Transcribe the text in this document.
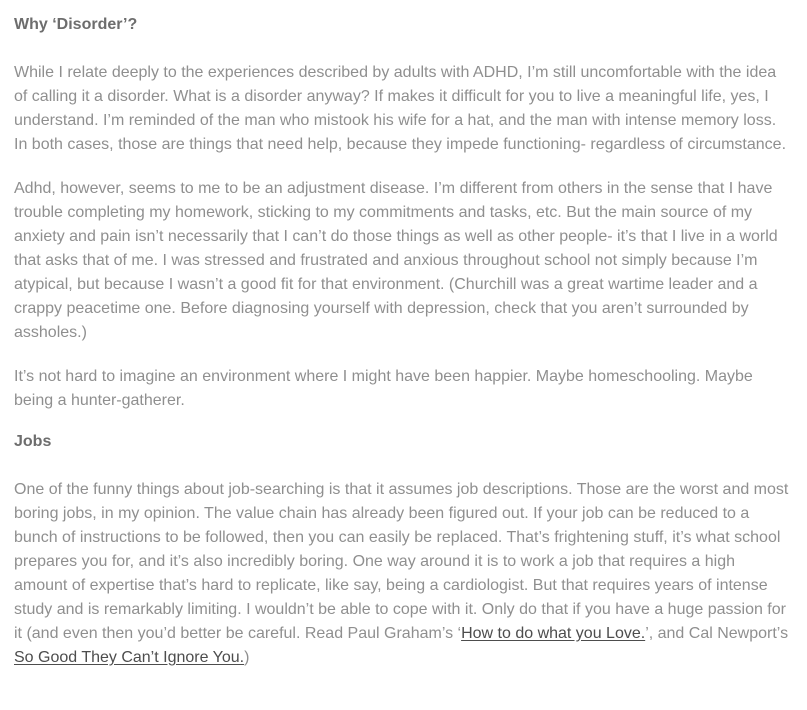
Why ‘Disorder’?

While I relate deeply to the experiences described by adults with ADHD, I’m still uncomfortable with the idea of calling it a disorder. What is a disorder anyway? If makes it difficult for you to live a meaningful life, yes, I understand. I’m reminded of the man who mistook his wife for a hat, and the man with intense memory loss. In both cases, those are things that need help, because they impede functioning- regardless of circumstance.

Adhd, however, seems to me to be an adjustment disease. I’m different from others in the sense that I have trouble completing my homework, sticking to my commitments and tasks, etc. But the main source of my anxiety and pain isn’t necessarily that I can’t do those things as well as other people- it’s that I live in a world that asks that of me. I was stressed and frustrated and anxious throughout school not simply because I’m atypical, but because I wasn’t a good fit for that environment. (Churchill was a great wartime leader and a crappy peacetime one. Before diagnosing yourself with depression, check that you aren’t surrounded by assholes.)

It’s not hard to imagine an environment where I might have been happier. Maybe homeschooling. Maybe being a hunter-gatherer.

Jobs

One of the funny things about job-searching is that it assumes job descriptions. Those are the worst and most boring jobs, in my opinion. The value chain has already been figured out. If your job can be reduced to a bunch of instructions to be followed, then you can easily be replaced. That’s frightening stuff, it’s what school prepares you for, and it’s also incredibly boring. One way around it is to work a job that requires a high amount of expertise that’s hard to replicate, like say, being a cardiologist. But that requires years of intense study and is remarkably limiting. I wouldn’t be able to cope with it. Only do that if you have a huge passion for it (and even then you’d better be careful. Read Paul Graham’s ‘How to do what you Love.’, and Cal Newport’s So Good They Can’t Ignore You.)
